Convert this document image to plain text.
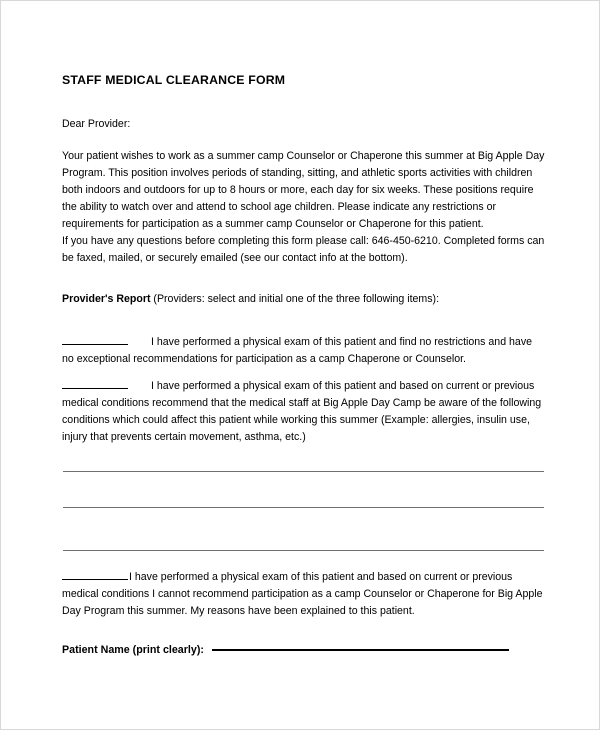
STAFF MEDICAL CLEARANCE FORM
Dear Provider:
Your patient wishes to work as a summer camp Counselor or Chaperone this summer at Big Apple Day Program. This position involves periods of standing, sitting, and athletic sports activities with children both indoors and outdoors for up to 8 hours or more, each day for six weeks. These positions require the ability to watch over and attend to school age children. Please indicate any restrictions or requirements for participation as a summer camp Counselor or Chaperone for this patient.
If you have any questions before completing this form please call: 646-450-6210. Completed forms can be faxed, mailed, or securely emailed (see our contact info at the bottom).
Provider's Report (Providers: select and initial one of the three following items):
I have performed a physical exam of this patient and find no restrictions and have no exceptional recommendations for participation as a camp Chaperone or Counselor.
I have performed a physical exam of this patient and based on current or previous medical conditions recommend that the medical staff at Big Apple Day Camp be aware of the following conditions which could affect this patient while working this summer (Example: allergies, insulin use, injury that prevents certain movement, asthma, etc.)
I have performed a physical exam of this patient and based on current or previous medical conditions I cannot recommend participation as a camp Counselor or Chaperone for Big Apple Day Program this summer. My reasons have been explained to this patient.
Patient Name (print clearly):
